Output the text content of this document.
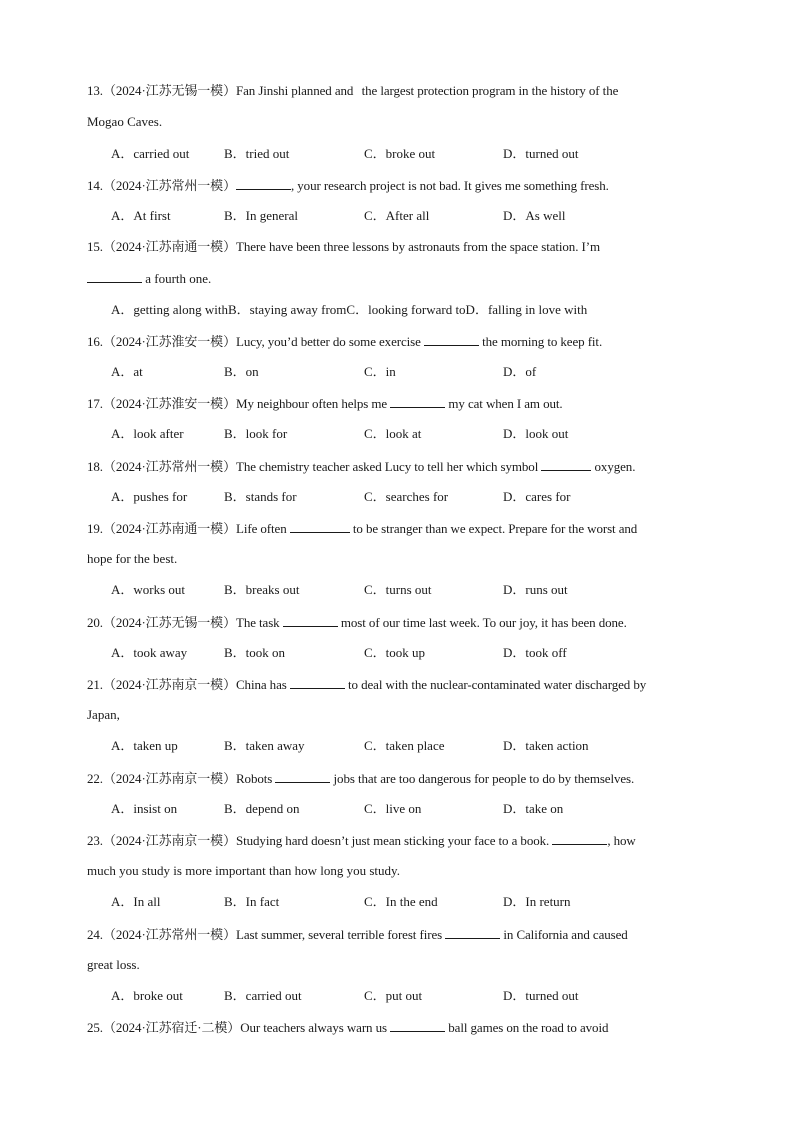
13.（2024·江苏无锡一模）Fan Jinshi planned and  the largest protection program in the history of the
Mogao Caves.
A．carried out	B．tried out	C．broke out	D．turned out
14.（2024·江苏常州一模）	, your research project is not bad. It gives me something fresh.
A．At first	B．In general	C．After all	D．As well
15.（2024·江苏南通一模）There have been three lessons by astronauts from the space station. I’m
a fourth one.
A．getting along withB．staying away fromC．looking forward toD．falling in love with
16.（2024·江苏淮安一模）Lucy, you’d better do some exercise	the morning to keep fit.
A．at	B．on	C．in	D．of
17.（2024·江苏淮安一模）My neighbour often helps me	my cat when I am out.
A．look after	B．look for	C．look at	D．look out
18.（2024·江苏常州一模）The chemistry teacher asked Lucy to tell her which symbol	oxygen.
A．pushes for	B．stands for	C．searches for	D．cares for
19.（2024·江苏南通一模）Life often	to be stranger than we expect. Prepare for the worst and
hope for the best.
A．works out	B．breaks out	C．turns out	D．runs out
20.（2024·江苏无锡一模）The task	most of our time last week. To our joy, it has been done.
A．took away	B．took on	C．took up	D．took off
21.（2024·江苏南京一模）China has	to deal with the nuclear-contaminated water discharged by
Japan,
A．taken up	B．taken away	C．taken place	D．taken action
22.（2024·江苏南京一模）Robots	jobs that are too dangerous for people to do by themselves.
A．insist on	B．depend on	C．live on	D．take on
23.（2024·江苏南京一模）Studying hard doesn’t just mean sticking your face to a book.	, how
much you study is more important than how long you study.
A．In all	B．In fact	C．In the end	D．In return
24.（2024·江苏常州一模）Last summer, several terrible forest fires	in California and caused
great loss.
A．broke out	B．carried out	C．put out	D．turned out
25.（2024·江苏宿迁·二模）Our teachers always warn us	ball games on the road to avoid
